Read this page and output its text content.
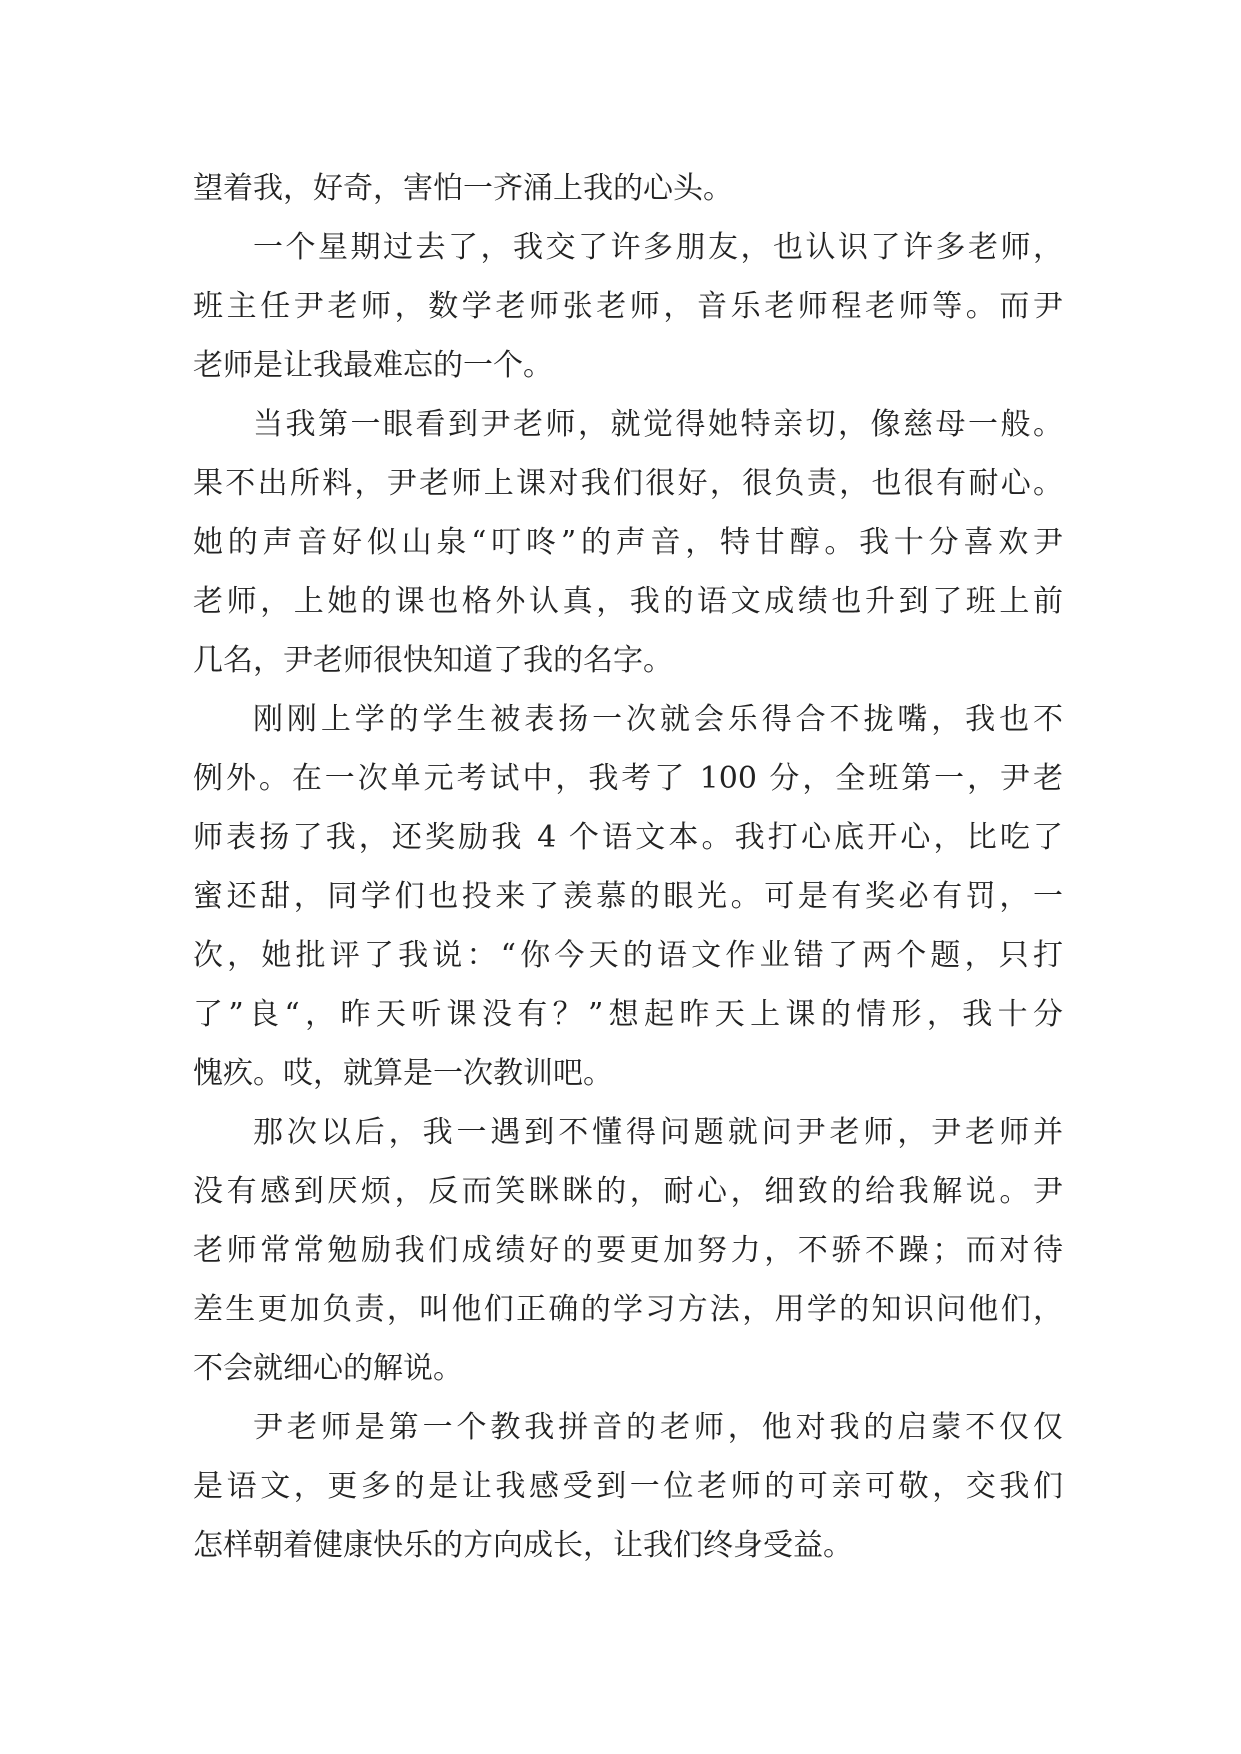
望着我，好奇，害怕一齐涌上我的心头。
一个星期过去了，我交了许多朋友，也认识了许多老师，
班主任尹老师，数学老师张老师，音乐老师程老师等。而尹
老师是让我最难忘的一个。
当我第一眼看到尹老师，就觉得她特亲切，像慈母一般。
果不出所料，尹老师上课对我们很好，很负责，也很有耐心。
她的声音好似山泉“叮咚”的声音，特甘醇。我十分喜欢尹
老师，上她的课也格外认真，我的语文成绩也升到了班上前
几名，尹老师很快知道了我的名字。
刚刚上学的学生被表扬一次就会乐得合不拢嘴，我也不
例外。在一次单元考试中，我考了 100 分，全班第一，尹老
师表扬了我，还奖励我 4 个语文本。我打心底开心，比吃了
蜜还甜，同学们也投来了羡慕的眼光。可是有奖必有罚，一
次，她批评了我说：“你今天的语文作业错了两个题，只打
了”良“，昨天听课没有？”想起昨天上课的情形，我十分
愧疚。哎，就算是一次教训吧。
那次以后，我一遇到不懂得问题就问尹老师，尹老师并
没有感到厌烦，反而笑眯眯的，耐心，细致的给我解说。尹
老师常常勉励我们成绩好的要更加努力，不骄不躁；而对待
差生更加负责，叫他们正确的学习方法，用学的知识问他们，
不会就细心的解说。
尹老师是第一个教我拼音的老师，他对我的启蒙不仅仅
是语文，更多的是让我感受到一位老师的可亲可敬，交我们
怎样朝着健康快乐的方向成长，让我们终身受益。
